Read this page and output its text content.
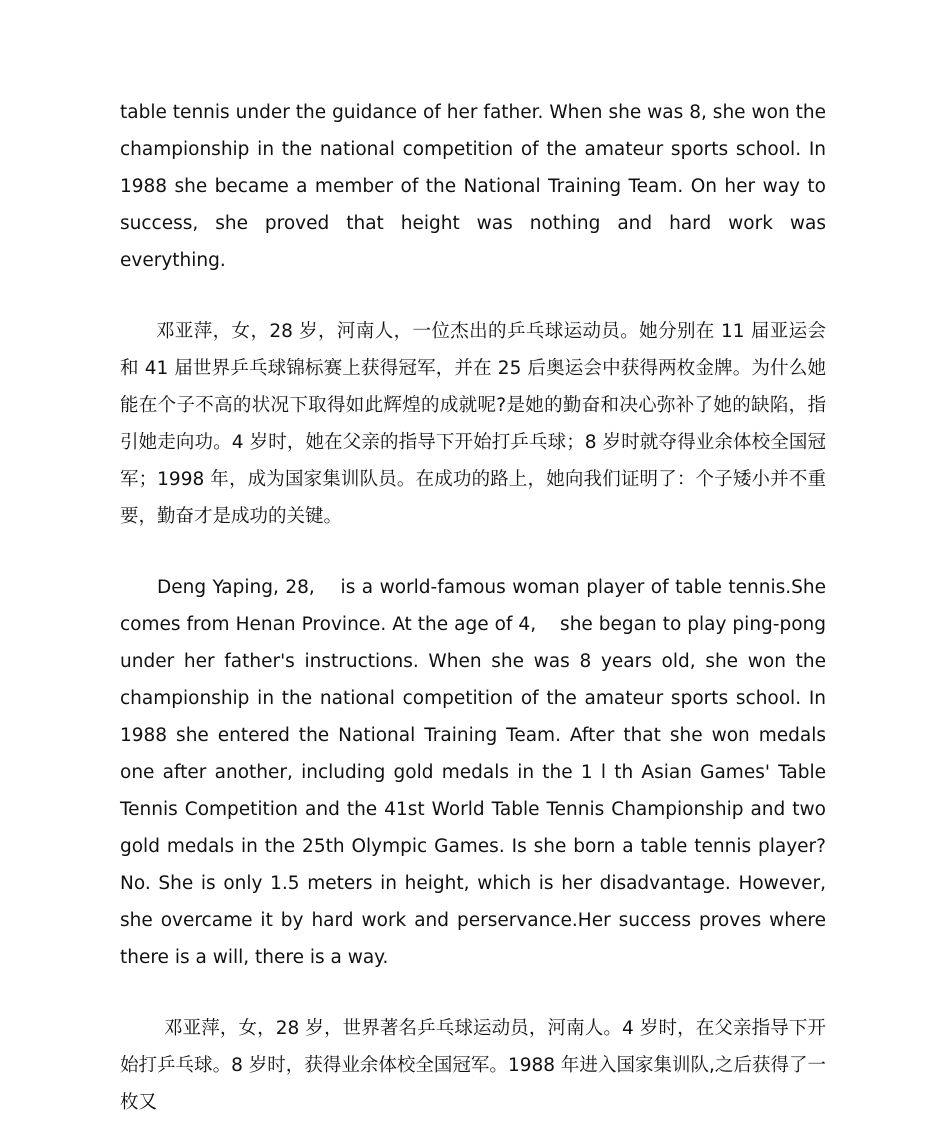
table tennis under the guidance of her father. When she was 8, she won the championship in the national competition of the amateur sports school. In 1988 she became a member of the National Training Team. On her way to success, she proved that height was nothing and hard work was everything.

邓亚萍，女，28 岁，河南人，一位杰出的乒乓球运动员。她分别在 11 届亚运会和 41 届世界乒乓球锦标赛上获得冠军，并在 25 后奥运会中获得两枚金牌。为什么她能在个子不高的状况下取得如此辉煌的成就呢?是她的勤奋和决心弥补了她的缺陷，指引她走向功。4 岁时，她在父亲的指导下开始打乒乓球；8 岁时就夺得业余体校全国冠军；1998 年，成为国家集训队员。在成功的路上，她向我们证明了：个子矮小并不重要，勤奋才是成功的关键。

Deng Yaping, 28,    is a world-famous woman player of table tennis.She comes from Henan Province. At the age of 4,    she began to play ping-pong under her father's instructions. When she was 8 years old, she won the championship in the national competition of the amateur sports school. In 1988 she entered the National Training Team. After that she won medals one after another, including gold medals in the 1 l th Asian Games' Table Tennis Competition and the 41st World Table Tennis Championship and two gold medals in the 25th Olympic Games. Is she born a table tennis player? No. She is only 1.5 meters in height, which is her disadvantage. However, she overcame it by hard work and perservance.Her success proves where there is a will, there is a way.

邓亚萍，女，28 岁，世界著名乒乓球运动员，河南人。4 岁时，在父亲指导下开始打乒乓球。8 岁时，获得业余体校全国冠军。1988 年进入国家集训队,之后获得了一枚又
